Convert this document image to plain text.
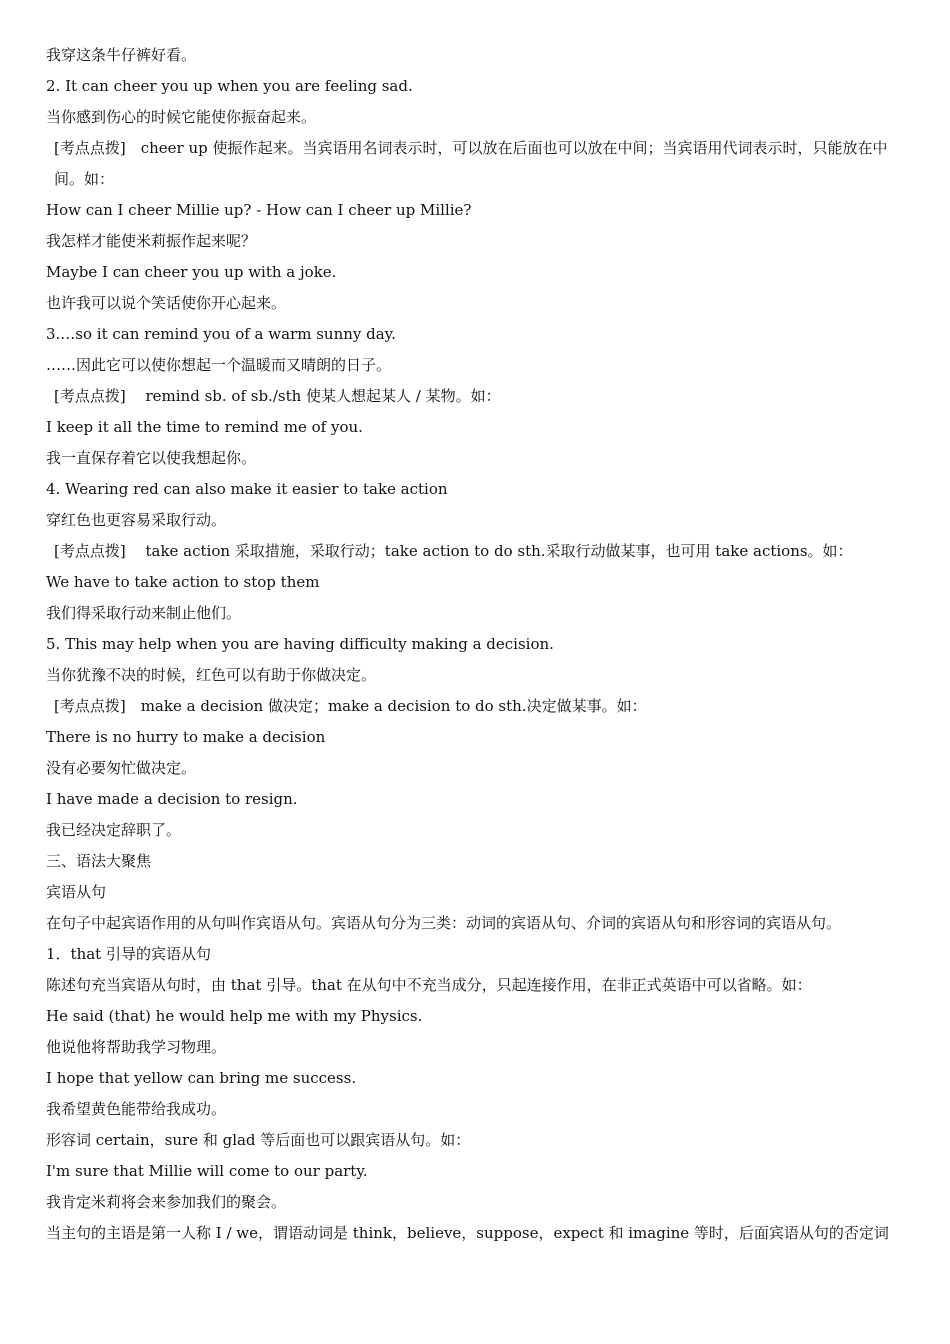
我穿这条牛仔裤好看。
2. It can cheer you up when you are feeling sad.
当你感到伤心的时候它能使你振奋起来。
[考点点拨]　cheer up 使振作起来。当宾语用名词表示时，可以放在后面也可以放在中间；当宾语用代词表示时，只能放在中间。如：
How can I cheer Millie up? - How can I cheer up Millie?
我怎样才能使米莉振作起来呢？
Maybe I can cheer you up with a joke.
也许我可以说个笑话使你开心起来。
3.…so it can remind you of a warm sunny day.
……因此它可以使你想起一个温暖而又晴朗的日子。
[考点点拨]　 remind sb. of sb./sth 使某人想起某人 / 某物。如：
I keep it all the time to remind me of you.
我一直保存着它以使我想起你。
4. Wearing red can also make it easier to take action
穿红色也更容易采取行动。
[考点点拨]　 take action 采取措施，采取行动；take action to do sth.采取行动做某事，也可用 take actions。如：
We have to take action to stop them
我们得采取行动来制止他们。
5. This may help when you are having difficulty making a decision.
当你犹豫不决的时候，红色可以有助于你做决定。
[考点点拨]　make a decision 做决定；make a decision to do sth.决定做某事。如：
There is no hurry to make a decision
没有必要匆忙做决定。
I have made a decision to resign.
我已经决定辞职了。
三、语法大聚焦
宾语从句
在句子中起宾语作用的从句叫作宾语从句。宾语从句分为三类：动词的宾语从句、介词的宾语从句和形容词的宾语从句。
1．that 引导的宾语从句
陈述句充当宾语从句时，由 that 引导。that 在从句中不充当成分，只起连接作用，在非正式英语中可以省略。如：
He said (that) he would help me with my Physics.
他说他将帮助我学习物理。
I hope that yellow can bring me success.
我希望黄色能带给我成功。
形容词 certain，sure 和 glad 等后面也可以跟宾语从句。如：
I'm sure that Millie will come to our party.
我肯定米莉将会来参加我们的聚会。
当主句的主语是第一人称 I / we，谓语动词是 think，believe，suppose，expect 和 imagine 等时，后面宾语从句的否定词
